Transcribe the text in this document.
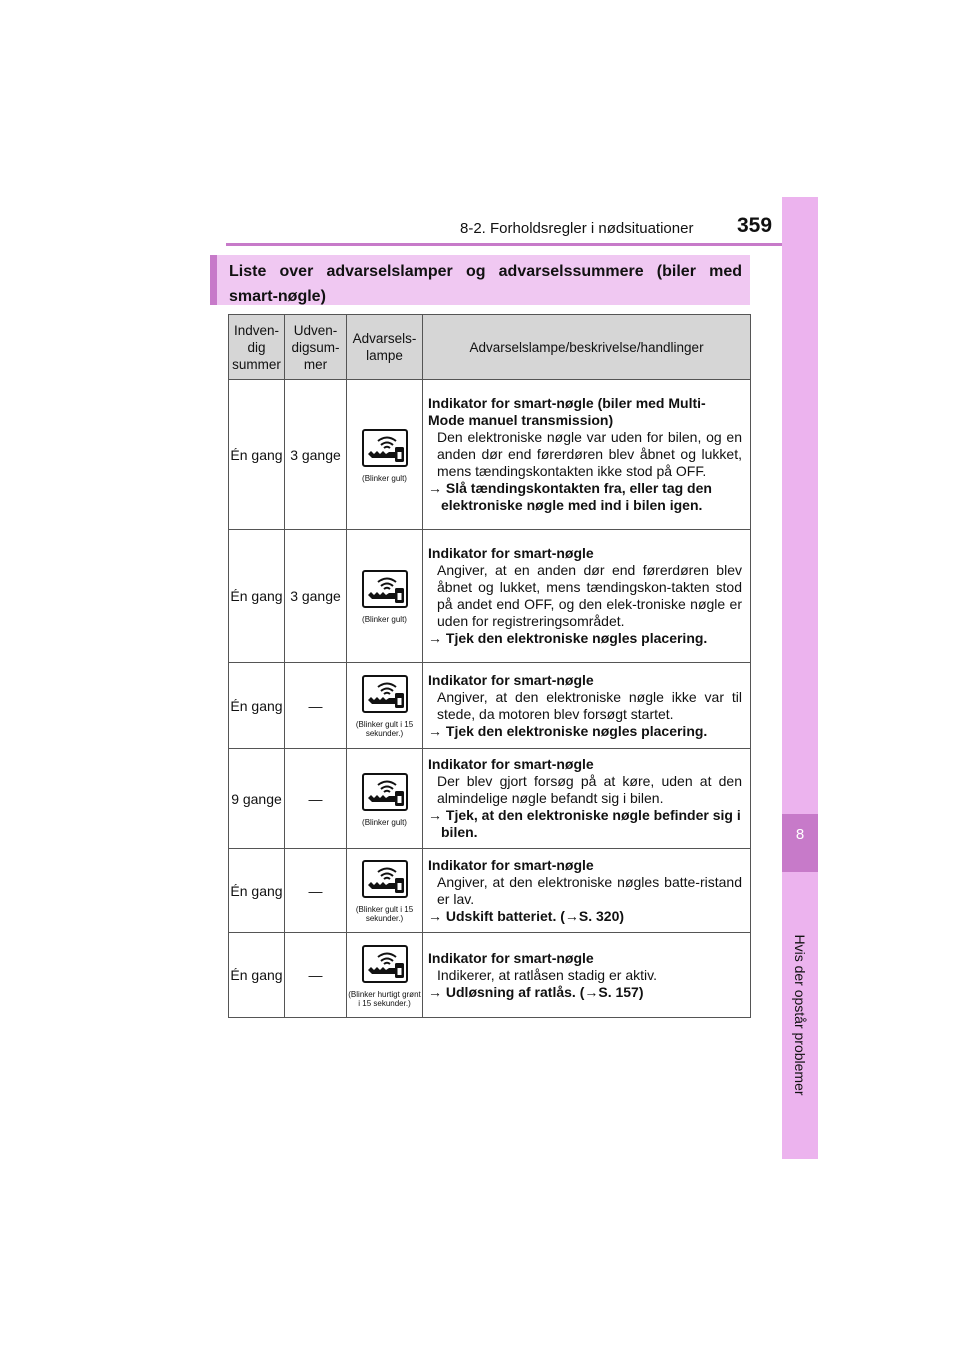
8-2. Forholdsregler i nødsituationer 359
8
Hvis der opstår problemer
Liste over advarselslamper og advarselssummere (biler med smart-nøgle)
Indven-dig summer	Udven-digsum-mer	Advarsels-lampe	Advarselslampe/beskrivelse/handlinger
Én gang	3 gange	(Blinker gult)	Indikator for smart-nøgle (biler med Multi-Mode manuel transmission)
Den elektroniske nøgle var uden for bilen, og en anden dør end førerdøren blev åbnet og lukket, mens tændingskontakten ikke stod på OFF.
→ Slå tændingskontakten fra, eller tag den elektroniske nøgle med ind i bilen igen.

Én gang	3 gange	(Blinker gult)	Indikator for smart-nøgle
Angiver, at en anden dør end førerdøren blev åbnet og lukket, mens tændingskon-takten stod på andet end OFF, og den elek-troniske nøgle er uden for registreringsområdet.
→ Tjek den elektroniske nøgles placering.

Én gang	—	(Blinker gult i 15 sekunder.)	Indikator for smart-nøgle
Angiver, at den elektroniske nøgle ikke var til stede, da motoren blev forsøgt startet.
→ Tjek den elektroniske nøgles placering.

9 gange	—	(Blinker gult)	Indikator for smart-nøgle
Der blev gjort forsøg på at køre, uden at den almindelige nøgle befandt sig i bilen.
→ Tjek, at den elektroniske nøgle befinder sig i bilen.

Én gang	—	(Blinker gult i 15 sekunder.)	Indikator for smart-nøgle
Angiver, at den elektroniske nøgles batte-ristand er lav.
→ Udskift batteriet. (→S. 320)

Én gang	—	(Blinker hurtigt grønt i 15 sekunder.)	Indikator for smart-nøgle
Indikerer, at ratlåsen stadig er aktiv.
→ Udløsning af ratlås. (→S. 157)
